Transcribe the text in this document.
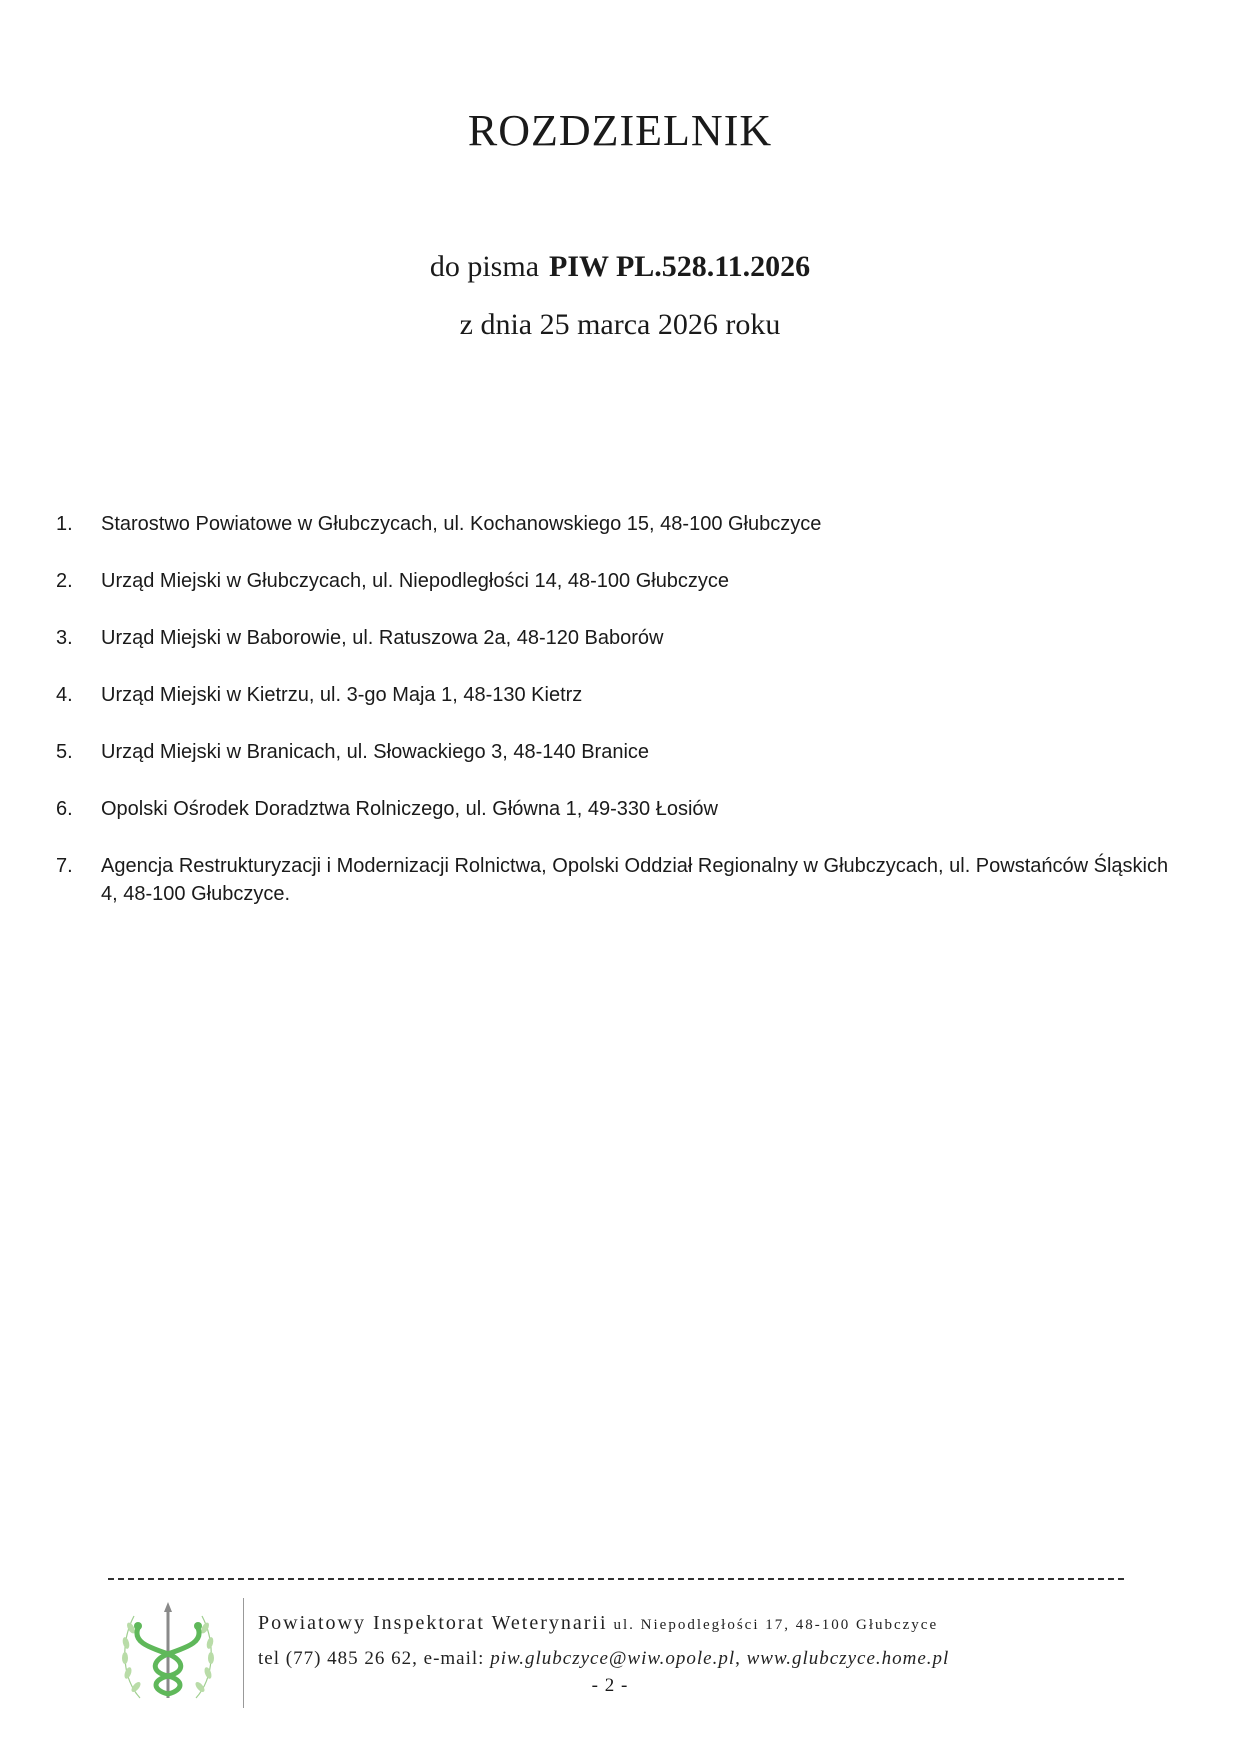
ROZDZIELNIK

do pisma PIW PL.528.11.2026

z dnia 25 marca 2026 roku

1.	Starostwo Powiatowe w Głubczycach, ul. Kochanowskiego 15, 48-100 Głubczyce
2.	Urząd Miejski w Głubczycach, ul. Niepodległości 14, 48-100 Głubczyce
3.	Urząd Miejski w Baborowie, ul. Ratuszowa 2a, 48-120 Baborów
4.	Urząd Miejski w Kietrzu, ul. 3-go Maja 1, 48-130 Kietrz
5.	Urząd Miejski w Branicach, ul. Słowackiego 3, 48-140 Branice
6.	Opolski Ośrodek Doradztwa Rolniczego, ul. Główna 1, 49-330 Łosiów
7.	Agencja Restrukturyzacji i Modernizacji Rolnictwa, Opolski Oddział Regionalny w Głubczycach, ul. Powstańców Śląskich 4, 48-100 Głubczyce.
Powiatowy Inspektorat Weterynarii ul. Niepodległości 17, 48-100 Głubczyce
tel (77) 485 26 62, e-mail: piw.glubczyce@wiw.opole.pl, www.glubczyce.home.pl
- 2 -
